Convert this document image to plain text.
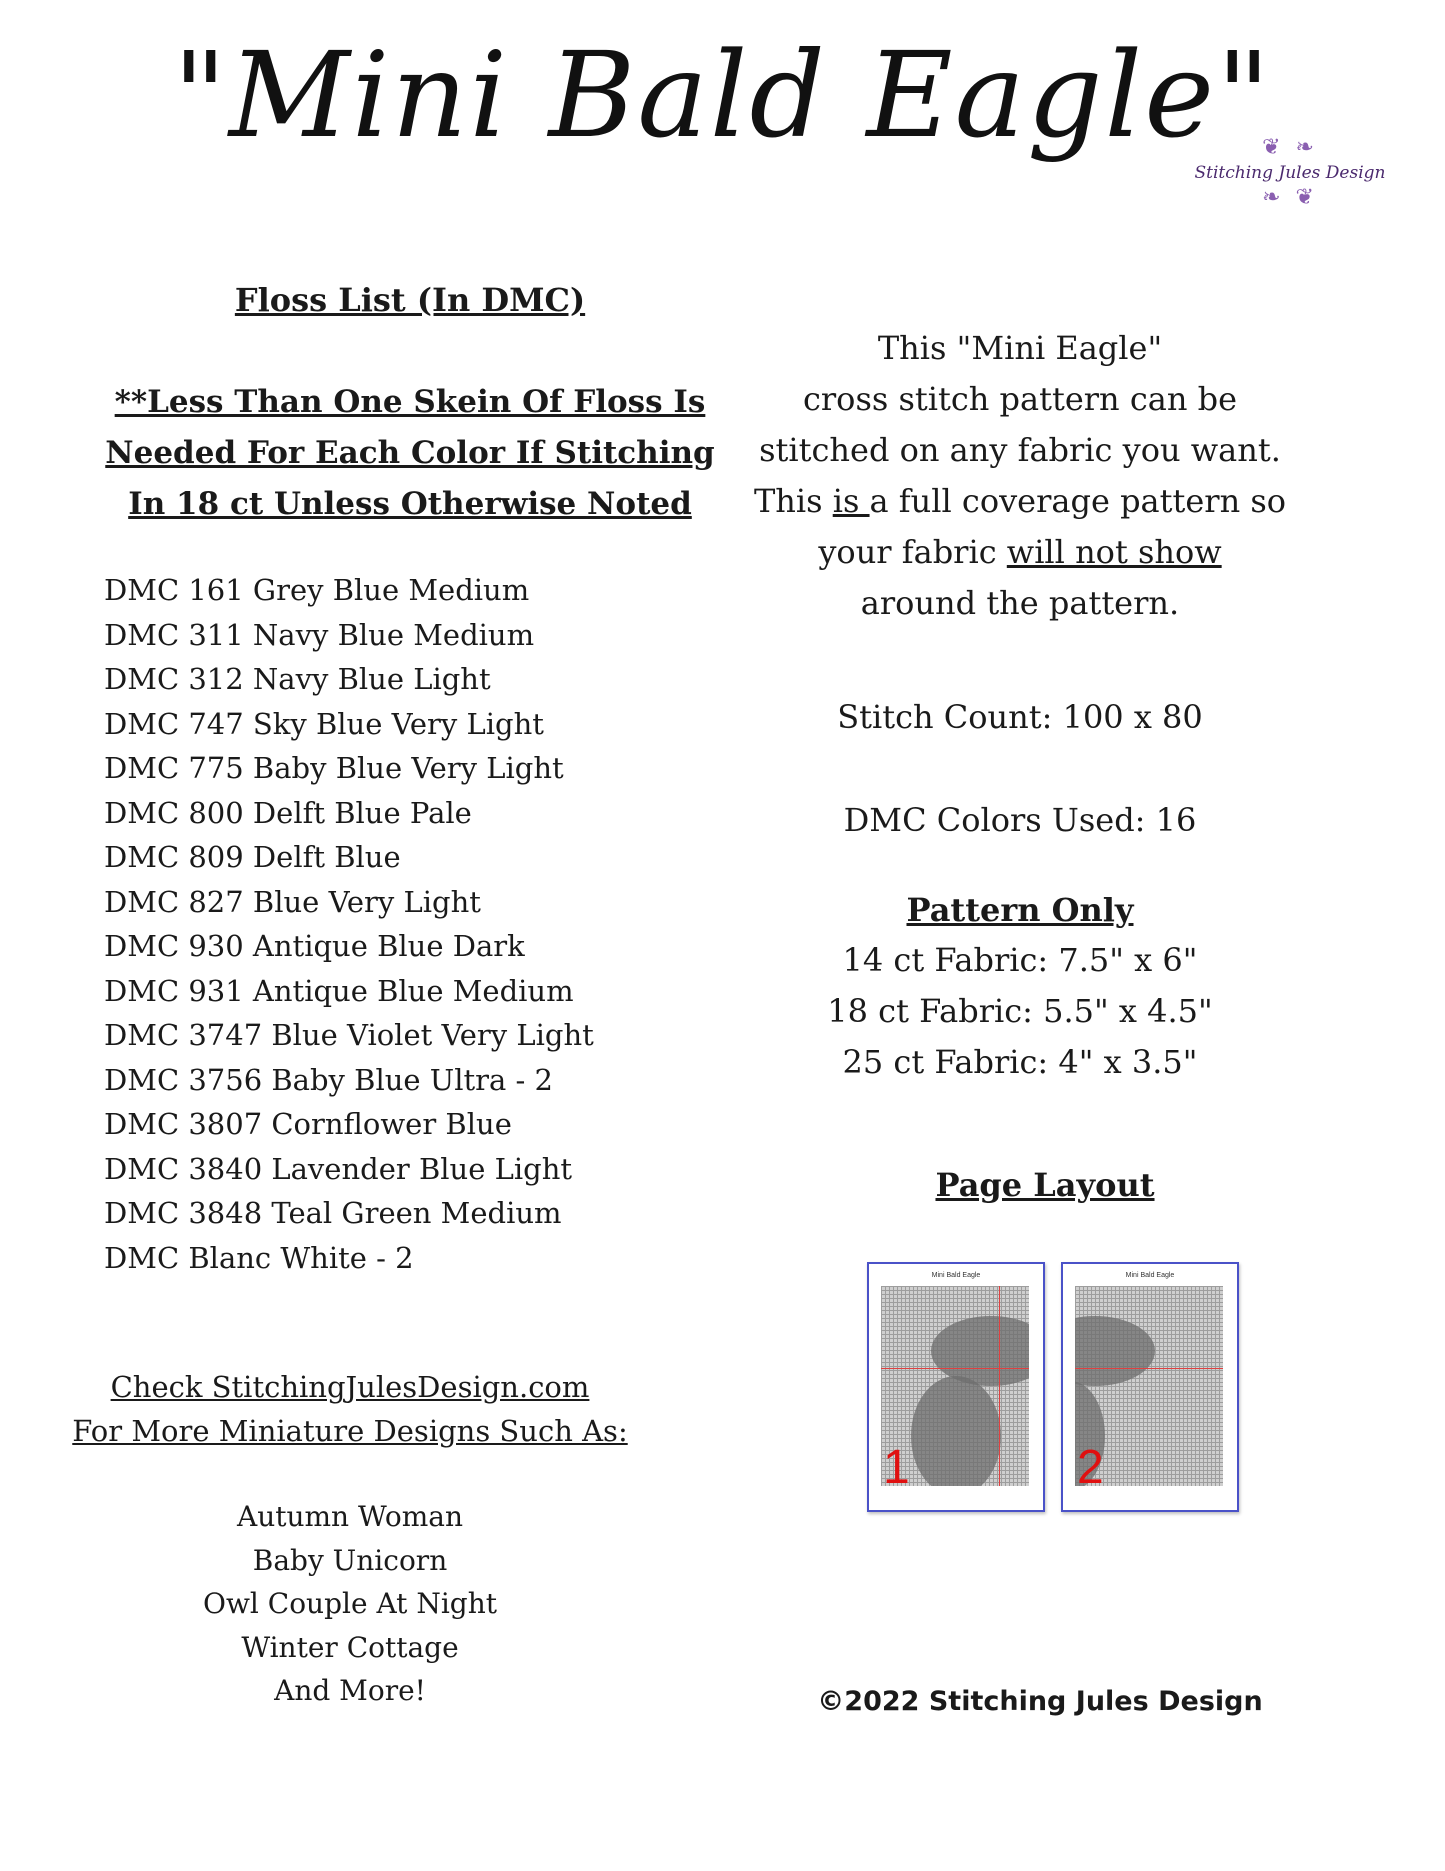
"Mini Bald Eagle"
❦ ❧
Stitching Jules Design
❧ ❦
Floss List (In DMC)
**Less Than One Skein Of Floss Is
Needed For Each Color If Stitching
In 18 ct Unless Otherwise Noted
DMC 161 Grey Blue Medium
DMC 311 Navy Blue Medium
DMC 312 Navy Blue Light
DMC 747 Sky Blue Very Light
DMC 775 Baby Blue Very Light
DMC 800 Delft Blue Pale
DMC 809 Delft Blue
DMC 827 Blue Very Light
DMC 930 Antique Blue Dark
DMC 931 Antique Blue Medium
DMC 3747 Blue Violet Very Light
DMC 3756 Baby Blue Ultra - 2
DMC 3807 Cornflower Blue
DMC 3840 Lavender Blue Light
DMC 3848 Teal Green Medium
DMC Blanc White - 2
Check StitchingJulesDesign.com
For More Miniature Designs Such As:
Autumn Woman
Baby Unicorn
Owl Couple At Night
Winter Cottage
And More!
This "Mini Eagle"
cross stitch pattern can be
stitched on any fabric you want.
This is a full coverage pattern so
your fabric will not show
around the pattern.
Stitch Count: 100 x 80
DMC Colors Used: 16
Pattern Only
14 ct Fabric: 7.5" x 6"
18 ct Fabric: 5.5" x 4.5"
25 ct Fabric: 4" x 3.5"
Page Layout
Mini Bald Eagle
1

Mini Bald Eagle
2

©2022 Stitching Jules Design
